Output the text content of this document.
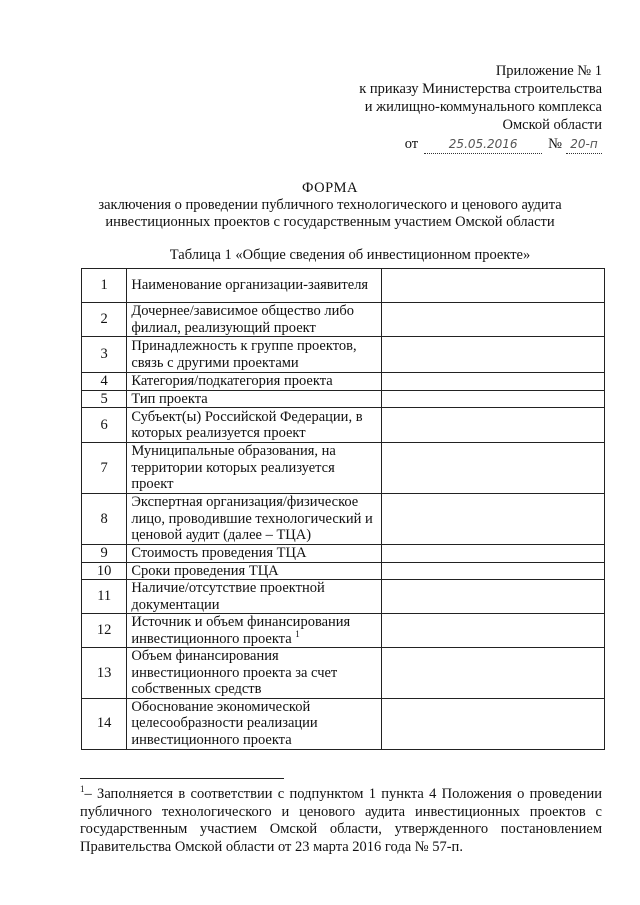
Приложение № 1
к приказу Министерства строительства
и жилищно-коммунального комплекса
Омской области
от	25.05.2016 № 20-п
ФОРМА
заключения о проведении публичного технологического и ценового аудита
инвестиционных проектов с государственным участием Омской области
Таблица 1 «Общие сведения об инвестиционном проекте»
1	Наименование организации-заявителя	
2	Дочернее/зависимое общество либо филиал, реализующий проект	
3	Принадлежность к группе проектов, связь с другими проектами	
4	Категория/подкатегория проекта	
5	Тип проекта	
6	Субъект(ы) Российской Федерации, в которых реализуется проект	
7	Муниципальные образования, на территории которых реализуется проект	
8	Экспертная организация/физическое лицо, проводившие технологический и ценовой аудит (далее – ТЦА)	
9	Стоимость проведения ТЦА	
10	Сроки проведения ТЦА	
11	Наличие/отсутствие проектной документации	
12	Источник и объем финансирования инвестиционного проекта $^1$	
13	Объем финансирования инвестиционного проекта за счет собственных средств	
14	Обоснование экономической целесообразности реализации инвестиционного проекта	
$^1$– Заполняется в соответствии с подпунктом 1 пункта 4 Положения о проведении публичного технологического и ценового аудита инвестиционных проектов с государственным участием Омской области, утвержденного постановлением Правительства Омской области от 23 марта 2016 года № 57-п.
